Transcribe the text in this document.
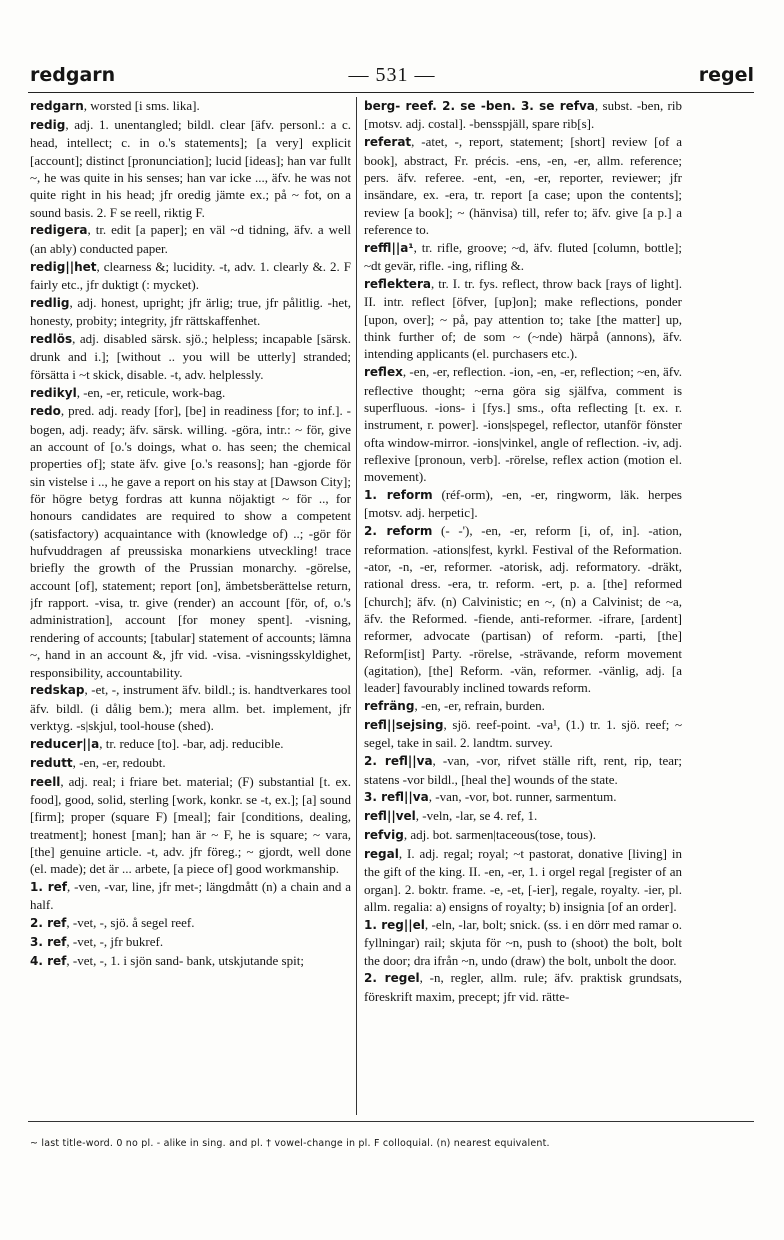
redgarn	— 531 —	regel

redgarn, worsted [i sms. lika].

redig, adj. 1. unentangled; bildl. clear [äfv. personl.: a c. head, intellect; c. in o.'s statements]; [a very] explicit [account]; distinct [pronunciation]; lucid [ideas]; han var fullt ~, he was quite in his senses; han var icke ..., äfv. he was not quite right in his head; jfr oredig jämte ex.; på ~ fot, on a sound basis. 2. F se reell, riktig F.

redigera, tr. edit [a paper]; en väl ~d tidning, äfv. a well (an ably) conducted paper.

redig||het, clearness &; lucidity. -t, adv. 1. clearly &. 2. F fairly etc., jfr duktigt (: mycket).

redlig, adj. honest, upright; jfr ärlig; true, jfr pålitlig. -het, honesty, probity; integrity, jfr rättskaffenhet.

redlös, adj. disabled särsk. sjö.; helpless; incapable [särsk. drunk and i.]; [without .. you will be utterly] stranded; försätta i ~t skick, disable. -t, adv. helplessly.

redikyl, -en, -er, reticule, work-bag.

redo, pred. adj. ready [for], [be] in readiness [for; to inf.]. -bogen, adj. ready; äfv. särsk. willing. -göra, intr.: ~ för, give an account of [o.'s doings, what o. has seen; the chemical properties of]; state äfv. give [o.'s reasons]; han -gjorde för sin vistelse i .., he gave a report on his stay at [Dawson City]; för högre betyg fordras att kunna nöjaktigt ~ för .., for honours candidates are required to show a competent (satisfactory) acquaintance with (knowledge of) ..; -gör för hufvuddragen af preussiska monarkiens utveckling! trace briefly the growth of the Prussian monarchy. -görelse, account [of], statement; report [on], ämbetsberättelse return, jfr rapport. -visa, tr. give (render) an account [för, of, o.'s administration], account [for money spent]. -visning, rendering of accounts; [tabular] statement of accounts; lämna ~, hand in an account &, jfr vid. -visa. -visningsskyldighet, responsibility, accountability.

redskap, -et, -, instrument äfv. bildl.; is. handtverkares tool äfv. bildl. (i dålig bem.); mera allm. bet. implement, jfr verktyg. -s|skjul, tool-house (shed).

reducer||a, tr. reduce [to]. -bar, adj. reducible.

redutt, -en, -er, redoubt.

reell, adj. real; i friare bet. material; (F) substantial [t. ex. food], good, solid, sterling [work, konkr. se -t, ex.]; [a] sound [firm]; proper (square F) [meal]; fair [conditions, dealing, treatment]; honest [man]; han är ~ F, he is square; ~ vara, [the] genuine article. -t, adv. jfr föreg.; ~ gjordt, well done (el. made); det är ... arbete, [a piece of] good workmanship.

1. ref, -ven, -var, line, jfr met-; längdmått (n) a chain and a half.

2. ref, -vet, -, sjö. å segel reef.

3. ref, -vet, -, jfr bukref.

4. ref, -vet, -, 1. i sjön sand- bank, utskjutande spit;

berg- reef. 2. se -ben. 3. se refva, subst. -ben, rib [motsv. adj. costal]. -bensspjäll, spare rib[s].

referat, -atet, -, report, statement; [short] review [of a book], abstract, Fr. précis. -ens, -en, -er, allm. reference; pers. äfv. referee. -ent, -en, -er, reporter, reviewer; jfr insändare, ex. -era, tr. report [a case; upon the contents]; review [a book]; ~ (hänvisa) till, refer to; äfv. give [a p.] a reference to.

reffl||a¹, tr. rifle, groove; ~d, äfv. fluted [column, bottle]; ~dt gevär, rifle. -ing, rifling &.

reflektera, tr. I. tr. fys. reflect, throw back [rays of light]. II. intr. reflect [öfver, [up]on]; make reflections, ponder [upon, over]; ~ på, pay attention to; take [the matter] up, think further of; de som ~ (~nde) härpå (annons), äfv. intending applicants (el. purchasers etc.).

reflex, -en, -er, reflection. -ion, -en, -er, reflection; ~en, äfv. reflective thought; ~erna göra sig själfva, comment is superfluous. -ions- i [fys.] sms., ofta reflecting [t. ex. r. instrument, r. power]. -ions|spegel, reflector, utanför fönster ofta window-mirror. -ions|vinkel, angle of reflection. -iv, adj. reflexive [pronoun, verb]. -rörelse, reflex action (motion el. movement).

1. reform (réf-orm), -en, -er, ringworm, läk. herpes [motsv. adj. herpetic].

2. reform (- -'), -en, -er, reform [i, of, in]. -ation, reformation. -ations|fest, kyrkl. Festival of the Reformation. -ator, -n, -er, reformer. -atorisk, adj. reformatory. -dräkt, rational dress. -era, tr. reform. -ert, p. a. [the] reformed [church]; äfv. (n) Calvinistic; en ~, (n) a Calvinist; de ~a, äfv. the Reformed. -fiende, anti-reformer. -ifrare, [ardent] reformer, advocate (partisan) of reform. -parti, [the] Reform[ist] Party. -rörelse, -strävande, reform movement (agitation), [the] Reform. -vän, reformer. -vänlig, adj. [a leader] favourably inclined towards reform.

refräng, -en, -er, refrain, burden.

refl||sejsing, sjö. reef-point. -va¹, (1.) tr. 1. sjö. reef; ~ segel, take in sail. 2. landtm. survey.

2. refl||va, -van, -vor, rifvet ställe rift, rent, rip, tear; statens -vor bildl., [heal the] wounds of the state.

3. refl||va, -van, -vor, bot. runner, sarmentum.

refl||vel, -veln, -lar, se 4. ref, 1.

refvig, adj. bot. sarmen|taceous(tose, tous).

regal, I. adj. regal; royal; ~t pastorat, donative [living] in the gift of the king. II. -en, -er, 1. i orgel regal [register of an organ]. 2. boktr. frame. -e, -et, [-ier], regale, royalty. -ier, pl. allm. regalia: a) ensigns of royalty; b) insignia [of an order].

1. reg||el, -eln, -lar, bolt; snick. (ss. i en dörr med ramar o. fyllningar) rail; skjuta för ~n, push to (shoot) the bolt, bolt the door; dra ifrån ~n, undo (draw) the bolt, unbolt the door.

2. regel, -n, regler, allm. rule; äfv. praktisk grundsats, föreskrift maxim, precept; jfr vid. rätte-

~ last title-word. 0 no pl. - alike in sing. and pl. † vowel-change in pl. F colloquial. (n) nearest equivalent.
